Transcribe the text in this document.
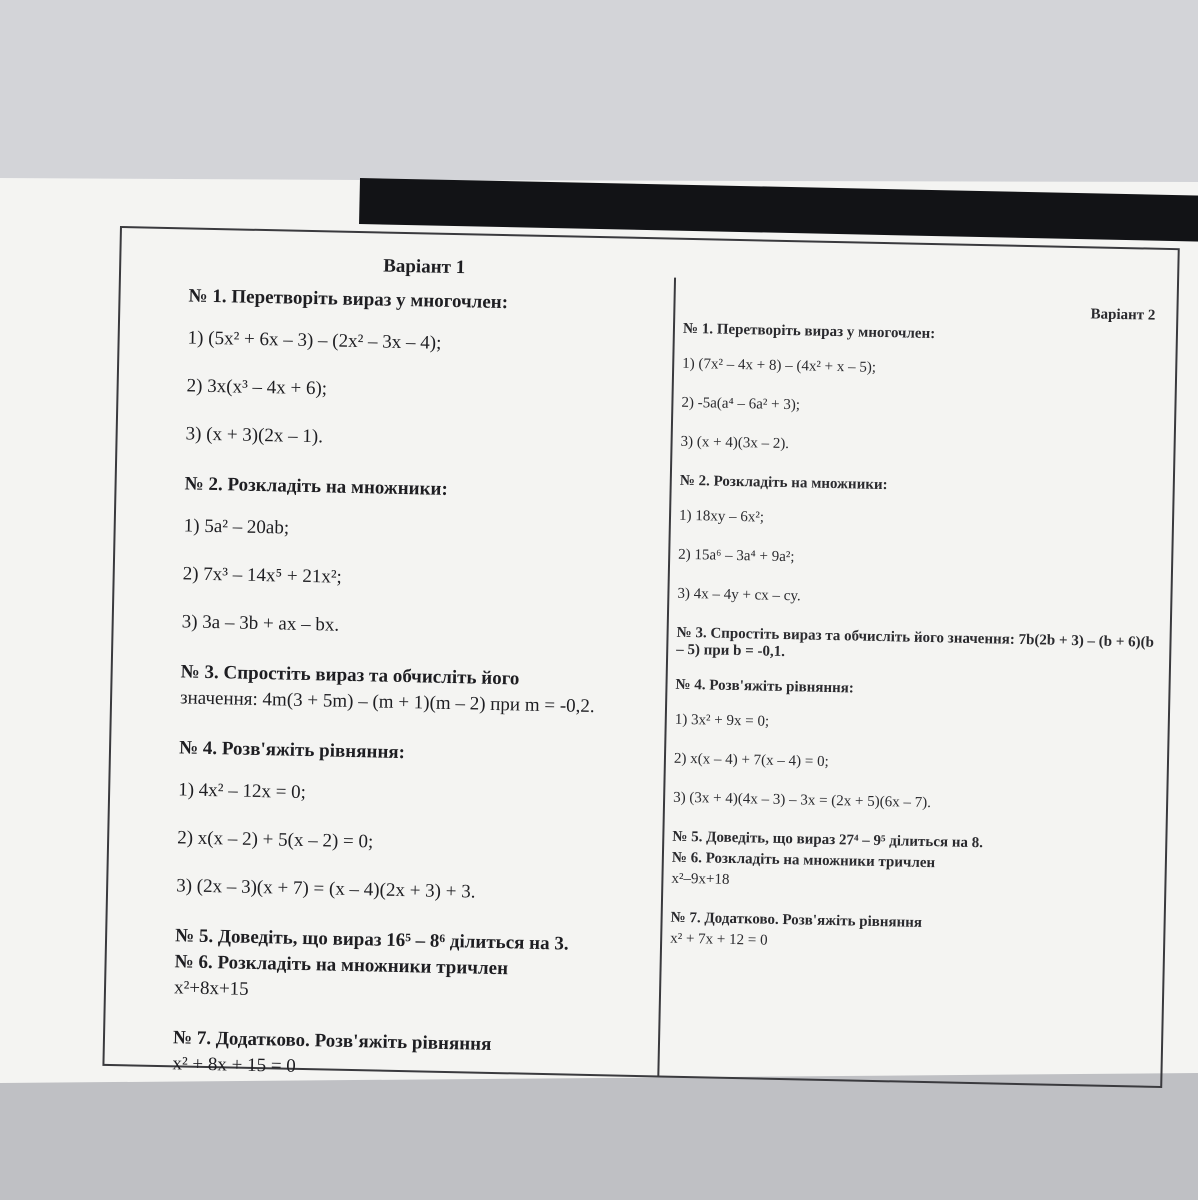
Варіант 1
№ 1. Перетворіть вираз у многочлен:
1) (5x² + 6x – 3) – (2x² – 3x – 4);
2) 3x(x³ – 4x + 6);
3) (x + 3)(2x – 1).
№ 2. Розкладіть на множники:
1) 5a² – 20ab;
2) 7x³ – 14x⁵ + 21x²;
3) 3a – 3b + ax – bx.
№ 3. Спростіть вираз та обчисліть його
значення: 4m(3 + 5m) – (m + 1)(m – 2) при m = -0,2.
№ 4. Розв'яжіть рівняння:
1) 4x² – 12x = 0;
2) x(x – 2) + 5(x – 2) = 0;
3) (2x – 3)(x + 7) = (x – 4)(2x + 3) + 3.
№ 5. Доведіть, що вираз 16⁵ – 8⁶ ділиться на 3.
№ 6. Розкладіть на множники тричлен
x²+8x+15
№ 7. Додатково. Розв'яжіть рівняння
x² + 8x + 15 = 0
Варіант 2
№ 1. Перетворіть вираз у многочлен:
1) (7x² – 4x + 8) – (4x² + x – 5);
2) -5a(a⁴ – 6a² + 3);
3) (x + 4)(3x – 2).
№ 2. Розкладіть на множники:
1) 18xy – 6x²;
2) 15a⁶ – 3a⁴ + 9a²;
3) 4x – 4y + cx – cy.
№ 3. Спростіть вираз та обчисліть його значення: 7b(2b + 3) – (b + 6)(b – 5) при b = -0,1.
№ 4. Розв'яжіть рівняння:
1) 3x² + 9x = 0;
2) x(x – 4) + 7(x – 4) = 0;
3) (3x + 4)(4x – 3) – 3x = (2x + 5)(6x – 7).
№ 5. Доведіть, що вираз 27⁴ – 9⁵ ділиться на 8.
№ 6. Розкладіть на множники тричлен
x²–9x+18
№ 7. Додатково. Розв'яжіть рівняння
x² + 7x + 12 = 0
